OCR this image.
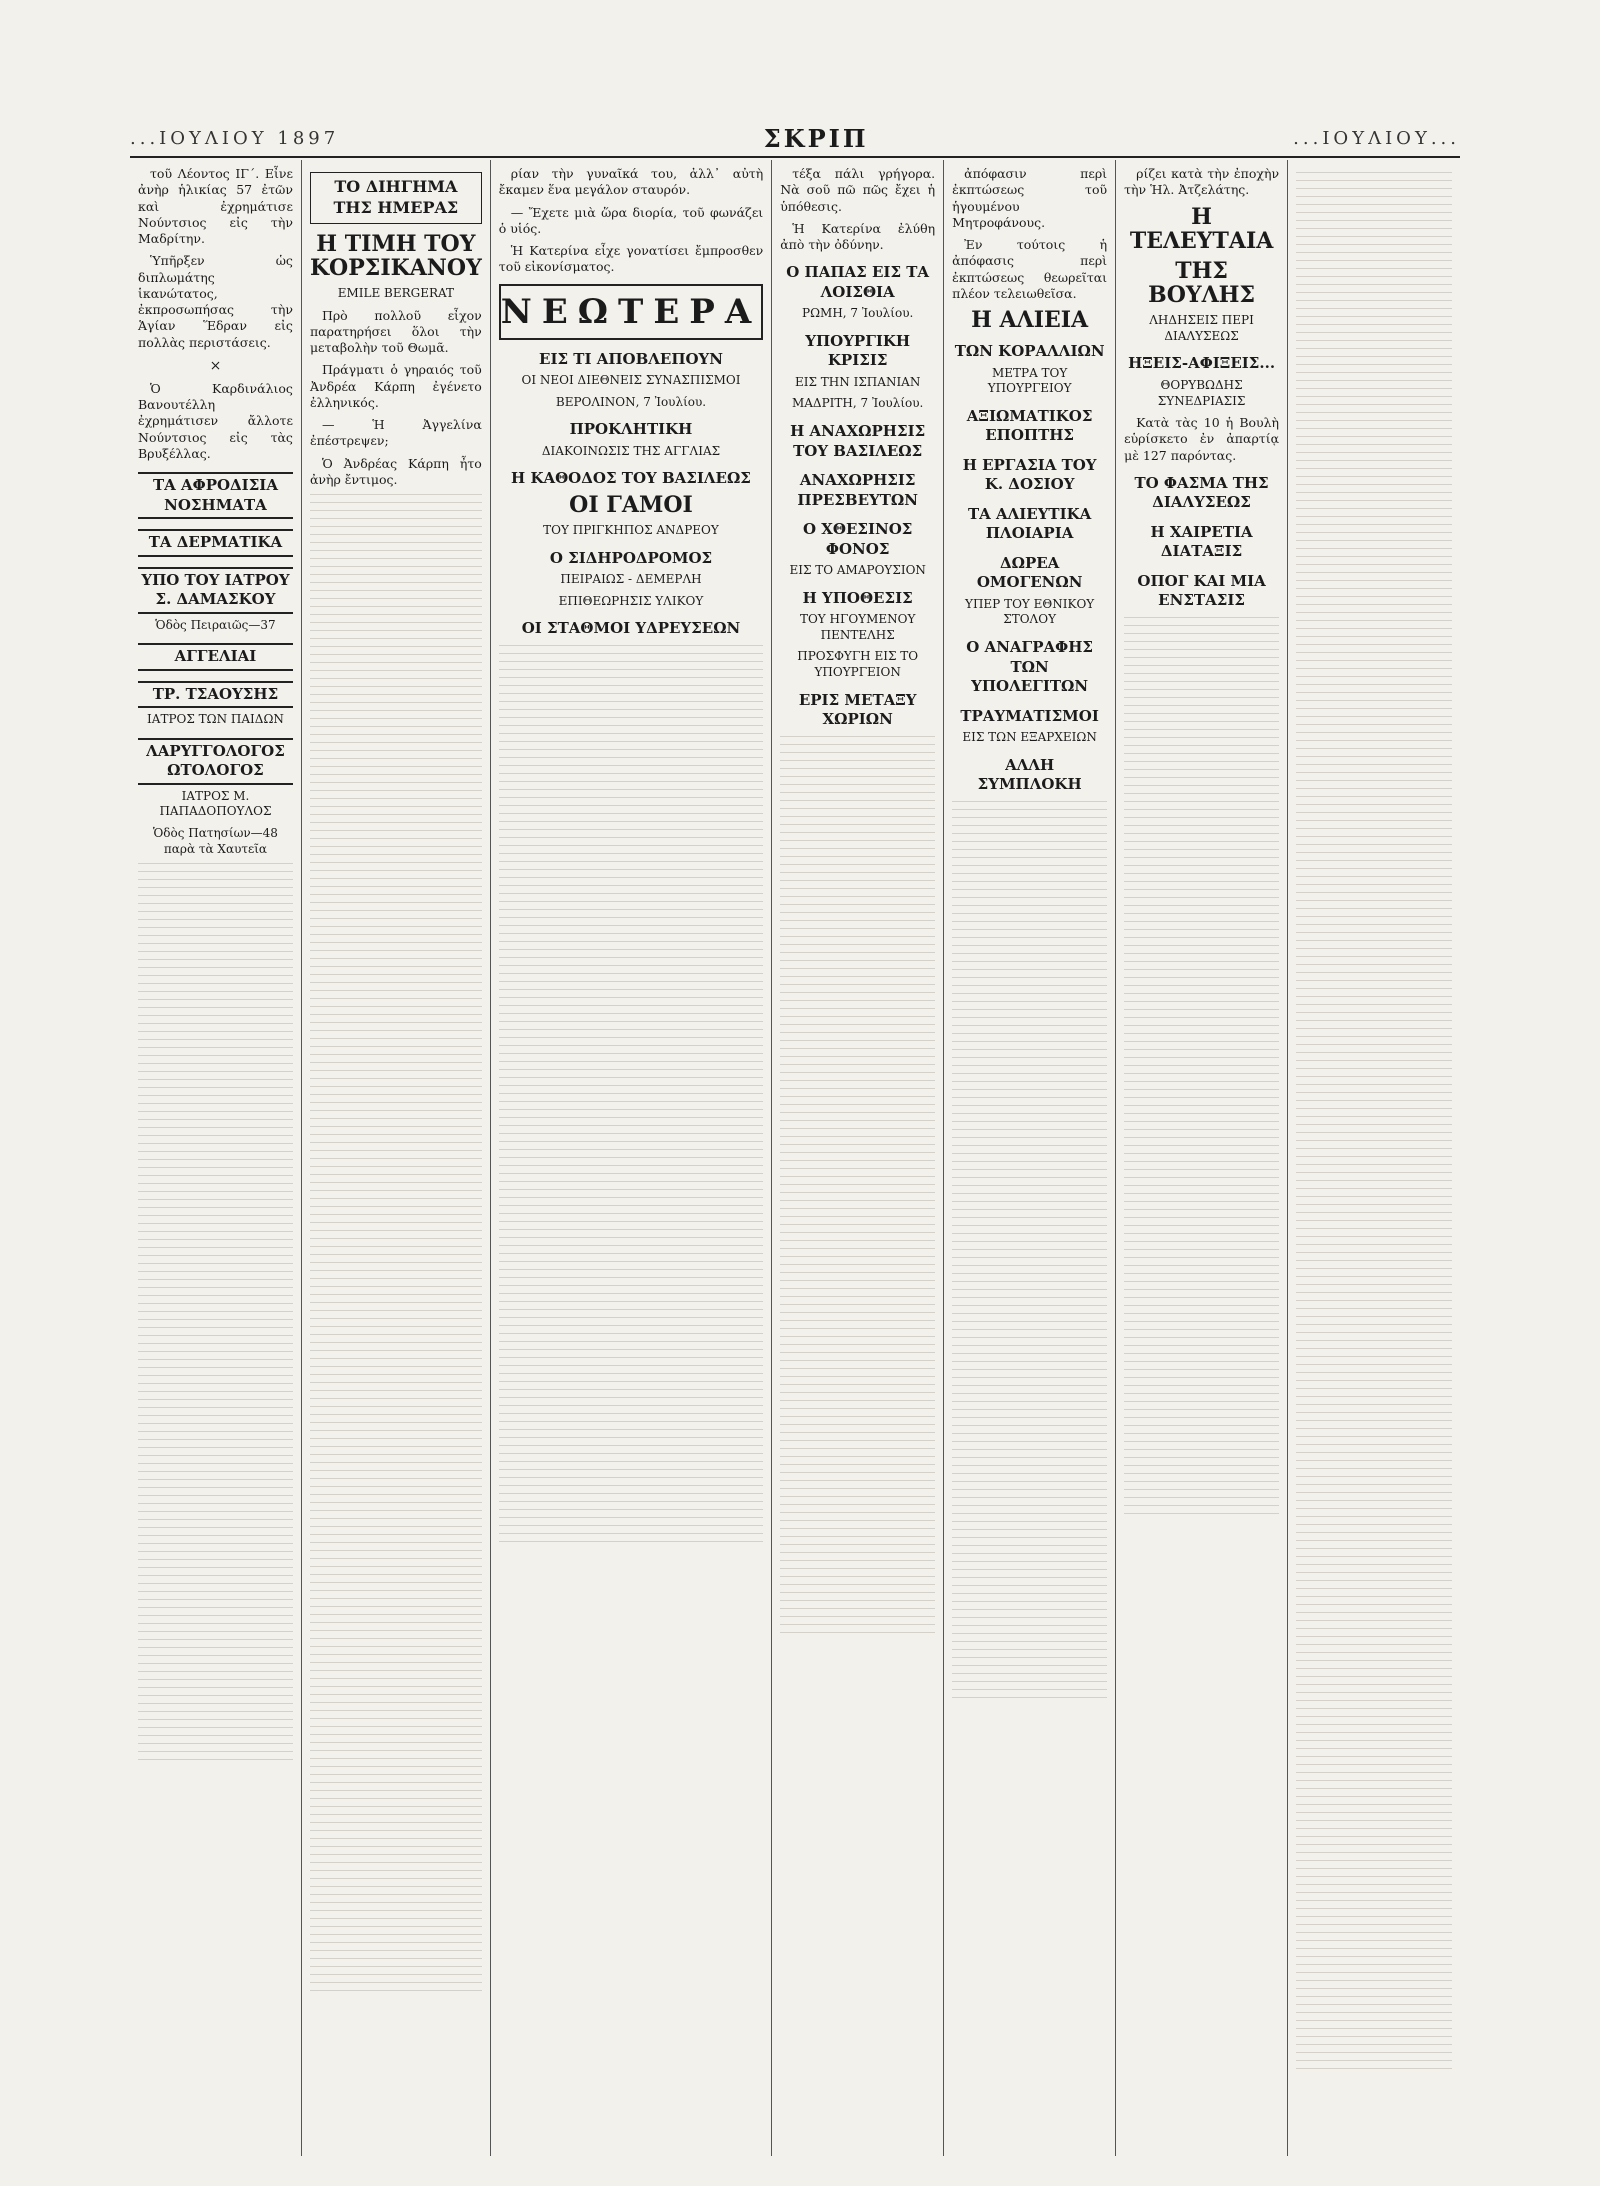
...ΙΟΥΛΙΟΥ 1897	ΣΚΡΙΠ	...ΙΟΥΛΙΟΥ...

τοῦ Λέοντος ΙΓ΄. Εἶνε ἀνὴρ ἡλικίας 57 ἐτῶν καὶ ἐχρημάτισε Νούντσιος εἰς τὴν Μαδρίτην.

Ὑπῆρξεν ὡς διπλωμάτης ἱκανώτατος, ἐκπροσωπήσας τὴν Ἁγίαν Ἕδραν εἰς πολλὰς περιστάσεις.

×

Ὁ Καρδινάλιος Βανουτέλλη ἐχρημάτισεν ἄλλοτε Νούντσιος εἰς τὰς Βρυξέλλας.

ΤΑ ΑΦΡΟΔΙΣΙΑ ΝΟΣΗΜΑΤΑ
ΤΑ ΔΕΡΜΑΤΙΚΑ
ΥΠΟ ΤΟΥ ΙΑΤΡΟΥ Σ. ΔΑΜΑΣΚΟΥ
Ὁδὸς Πειραιῶς—37
ΑΓΓΕΛΙΑΙ
ΤΡ. ΤΣΑΟΥΣΗΣ
ΙΑΤΡΟΣ ΤΩΝ ΠΑΙΔΩΝ
ΛΑΡΥΓΓΟΛΟΓΟΣ ΩΤΟΛΟΓΟΣ
ΙΑΤΡΟΣ Μ. ΠΑΠΑΔΟΠΟΥΛΟΣ
Ὁδὸς Πατησίων—48 παρὰ τὰ Χαυτεῖα
ΤΟ ΔΙΗΓΗΜΑ ΤΗΣ ΗΜΕΡΑΣ
Η ΤΙΜΗ ΤΟΥ ΚΟΡΣΙΚΑΝΟΥ
EMILE BERGERAT

Πρὸ πολλοῦ εἶχον παρατηρήσει ὅλοι τὴν μεταβολὴν τοῦ Θωμᾶ.

Πράγματι ὁ γηραιός τοῦ Ἀνδρέα Κάρπη ἐγένετο ἐλληνικός.

— Ἡ Ἀγγελίνα ἐπέστρεψεν;

Ὁ Ἀνδρέας Κάρπη ἦτο ἀνὴρ ἔντιμος.

ρίαν τὴν γυναῖκά του, ἀλλ᾽ αὐτὴ ἔκαμεν ἕνα μεγάλον σταυρόν.

— Ἔχετε μιὰ ὥρα διορία, τοῦ φωνάζει ὁ υἱός.

Ἡ Κατερίνα εἶχε γονατίσει ἔμπροσθεν τοῦ εἰκονίσματος.

ΝΕΩΤΕΡΑ
ΕΙΣ ΤΙ ΑΠΟΒΛΕΠΟΥΝ
ΟΙ ΝΕΟΙ ΔΙΕΘΝΕΙΣ ΣΥΝΑΣΠΙΣΜΟΙ
ΒΕΡΟΛΙΝΟΝ, 7 Ἰουλίου.
ΠΡΟΚΛΗΤΙΚΗ
ΔΙΑΚΟΙΝΩΣΙΣ ΤΗΣ ΑΓΓΛΙΑΣ
Η ΚΑΘΟΔΟΣ ΤΟΥ ΒΑΣΙΛΕΩΣ
ΟΙ ΓΑΜΟΙ
ΤΟΥ ΠΡΙΓΚΗΠΟΣ ΑΝΔΡΕΟΥ
Ο ΣΙΔΗΡΟΔΡΟΜΟΣ
ΠΕΙΡΑΙΩΣ - ΔΕΜΕΡΛΗ
ΕΠΙΘΕΩΡΗΣΙΣ ΥΛΙΚΟΥ
ΟΙ ΣΤΑΘΜΟΙ ΥΔΡΕΥΣΕΩΝ

τέξα πάλι γρήγορα. Νὰ σοῦ πῶ πῶς ἔχει ἡ ὑπόθεσις.

Ἡ Κατερίνα ἐλύθη ἀπὸ τὴν ὀδύνην.

Ο ΠΑΠΑΣ ΕΙΣ ΤΑ ΛΟΙΣΘΙΑ
ΡΩΜΗ, 7 Ἰουλίου.
ΥΠΟΥΡΓΙΚΗ ΚΡΙΣΙΣ
ΕΙΣ ΤΗΝ ΙΣΠΑΝΙΑΝ
ΜΑΔΡΙΤΗ, 7 Ἰουλίου.
Η ΑΝΑΧΩΡΗΣΙΣ ΤΟΥ ΒΑΣΙΛΕΩΣ
ΑΝΑΧΩΡΗΣΙΣ ΠΡΕΣΒΕΥΤΩΝ
Ο ΧΘΕΣΙΝΟΣ ΦΟΝΟΣ
ΕΙΣ ΤΟ ΑΜΑΡΟΥΣΙΟΝ
Η ΥΠΟΘΕΣΙΣ
ΤΟΥ ΗΓΟΥΜΕΝΟΥ ΠΕΝΤΕΛΗΣ
ΠΡΟΣΦΥΓΗ ΕΙΣ ΤΟ ΥΠΟΥΡΓΕΙΟΝ
ΕΡΙΣ ΜΕΤΑΞΥ ΧΩΡΙΩΝ

ἀπόφασιν περὶ ἐκπτώσεως τοῦ ἡγουμένου Μητροφάνους.

Ἐν τούτοις ἡ ἀπόφασις περὶ ἐκπτώσεως θεωρεῖται πλέον τελειωθεῖσα.

Η ΑΛΙΕΙΑ
ΤΩΝ ΚΟΡΑΛΛΙΩΝ
ΜΕΤΡΑ ΤΟΥ ΥΠΟΥΡΓΕΙΟΥ
ΑΞΙΩΜΑΤΙΚΟΣ ΕΠΟΠΤΗΣ
Η ΕΡΓΑΣΙΑ ΤΟΥ Κ. ΔΟΣΙΟΥ
ΤΑ ΑΛΙΕΥΤΙΚΑ ΠΛΟΙΑΡΙΑ
ΔΩΡΕΑ ΟΜΟΓΕΝΩΝ
ΥΠΕΡ ΤΟΥ ΕΘΝΙΚΟΥ ΣΤΟΛΟΥ
Ο ΑΝΑΓΡΑΦΗΣ ΤΩΝ ΥΠΟΛΕΓΙΤΩΝ
ΤΡΑΥΜΑΤΙΣΜΟΙ
ΕΙΣ ΤΩΝ ΕΞΑΡΧΕΙΩΝ
ΑΛΛΗ ΣΥΜΠΛΟΚΗ

ρίζει κατὰ τὴν ἐποχὴν τὴν Ἡλ. Ἀτζελάτης.

Η ΤΕΛΕΥΤΑΙΑ
ΤΗΣ ΒΟΥΛΗΣ
ΛΗΔΗΣΕΙΣ ΠΕΡΙ ΔΙΑΛΥΣΕΩΣ
ΗΞΕΙΣ-ΑΦΙΞΕΙΣ...
ΘΟΡΥΒΩΔΗΣ ΣΥΝΕΔΡΙΑΣΙΣ

Κατὰ τὰς 10 ἡ Βουλὴ εὑρίσκετο ἐν ἀπαρτίᾳ μὲ 127 παρόντας.

ΤΟ ΦΑΣΜΑ ΤΗΣ ΔΙΑΛΥΣΕΩΣ
Η ΧΑΙΡΕΤΙΑ ΔΙΑΤΑΞΙΣ
ΟΠΟΓ ΚΑΙ ΜΙΑ ΕΝΣΤΑΣΙΣ
